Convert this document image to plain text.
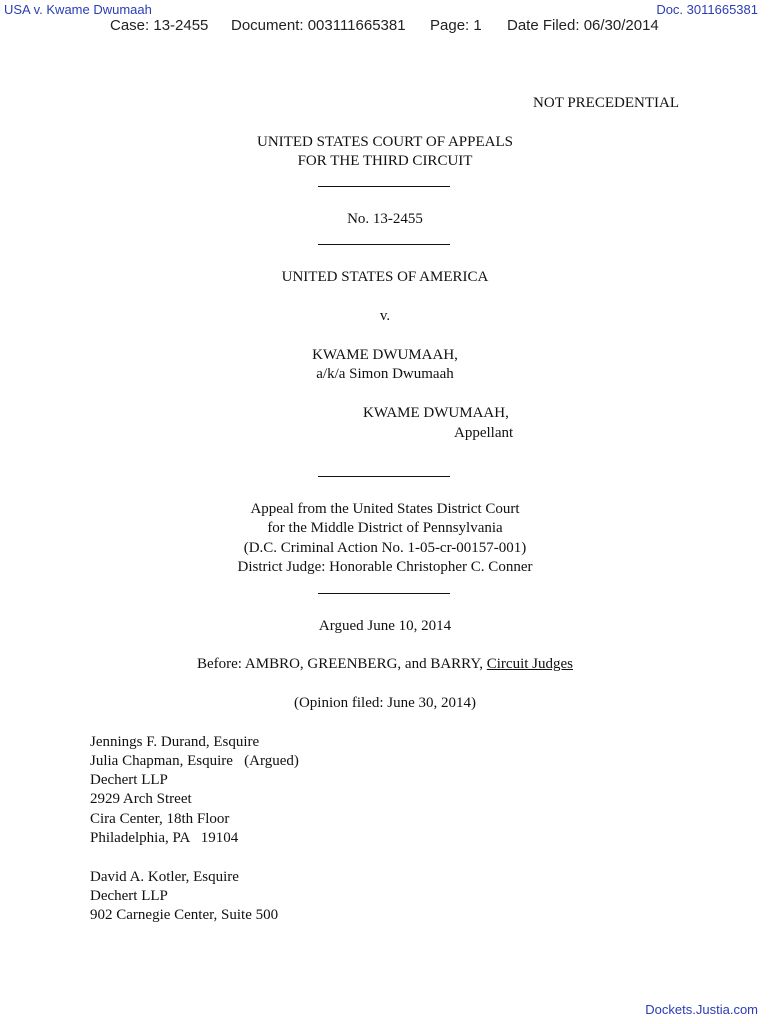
USA v. Kwame Dwumaah	Doc. 3011665381
Case: 13-2455 Document: 003111665381 Page: 1 Date Filed: 06/30/2014
NOT PRECEDENTIAL
UNITED STATES COURT OF APPEALS
FOR THE THIRD CIRCUIT
No. 13-2455
UNITED STATES OF AMERICA
v.
KWAME DWUMAAH,
a/k/a Simon Dwumaah
KWAME DWUMAAH,
Appellant
Appeal from the United States District Court
for the Middle District of Pennsylvania
(D.C. Criminal Action No. 1-05-cr-00157-001)
District Judge: Honorable Christopher C. Conner
Argued June 10, 2014
Before: AMBRO, GREENBERG, and BARRY, Circuit Judges
(Opinion filed: June 30, 2014)
Jennings F. Durand, Esquire
Julia Chapman, Esquire   (Argued)
Dechert LLP
2929 Arch Street
Cira Center, 18th Floor
Philadelphia, PA   19104
David A. Kotler, Esquire
Dechert LLP
902 Carnegie Center, Suite 500
Dockets.Justia.com
